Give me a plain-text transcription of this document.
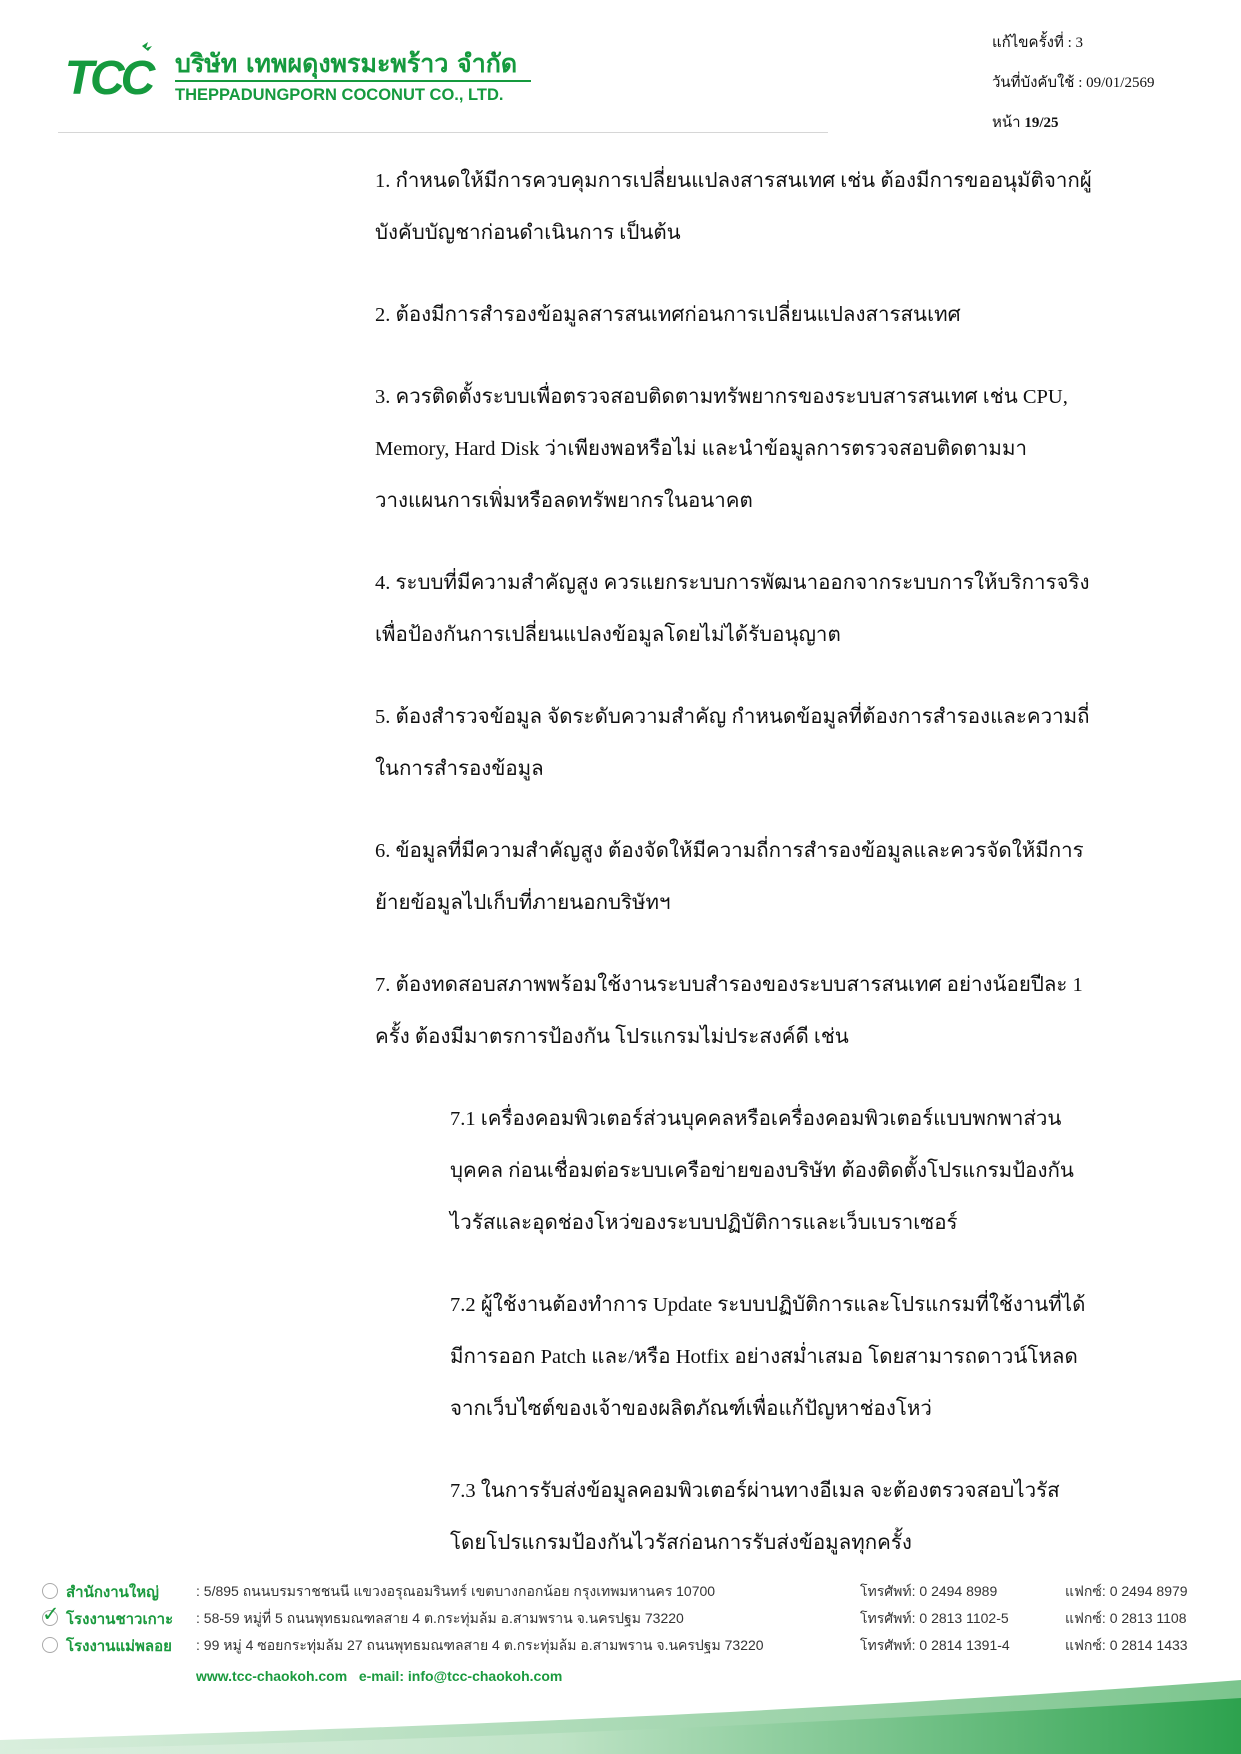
TCC บริษัท เทพผดุงพรมะพร้าว จำกัด
THEPPADUNGPORN COCONUT CO., LTD.
แก้ไขครั้งที่ : 3
วันที่บังคับใช้ : 09/01/2569
หน้า 19/25

1. กำหนดให้มีการควบคุมการเปลี่ยนแปลงสารสนเทศ เช่น ต้องมีการขออนุมัติจากผู้บังคับบัญชาก่อนดำเนินการ เป็นต้น

2. ต้องมีการสำรองข้อมูลสารสนเทศก่อนการเปลี่ยนแปลงสารสนเทศ

3. ควรติดตั้งระบบเพื่อตรวจสอบติดตามทรัพยากรของระบบสารสนเทศ เช่น CPU, Memory, Hard Disk ว่าเพียงพอหรือไม่ และนำข้อมูลการตรวจสอบติดตามมาวางแผนการเพิ่มหรือลดทรัพยากรในอนาคต

4. ระบบที่มีความสำคัญสูง ควรแยกระบบการพัฒนาออกจากระบบการให้บริการจริง เพื่อป้องกันการเปลี่ยนแปลงข้อมูลโดยไม่ได้รับอนุญาต

5. ต้องสำรวจข้อมูล จัดระดับความสำคัญ กำหนดข้อมูลที่ต้องการสำรองและความถี่ในการสำรองข้อมูล

6. ข้อมูลที่มีความสำคัญสูง ต้องจัดให้มีความถี่การสำรองข้อมูลและควรจัดให้มีการย้ายข้อมูลไปเก็บที่ภายนอกบริษัทฯ

7. ต้องทดสอบสภาพพร้อมใช้งานระบบสำรองของระบบสารสนเทศ อย่างน้อยปีละ 1 ครั้ง ต้องมีมาตรการป้องกัน โปรแกรมไม่ประสงค์ดี เช่น

7.1 เครื่องคอมพิวเตอร์ส่วนบุคคลหรือเครื่องคอมพิวเตอร์แบบพกพาส่วนบุคคล ก่อนเชื่อมต่อระบบเครือข่ายของบริษัท ต้องติดตั้งโปรแกรมป้องกันไวรัสและอุดช่องโหว่ของระบบปฏิบัติการและเว็บเบราเซอร์

7.2 ผู้ใช้งานต้องทำการ Update ระบบปฏิบัติการและโปรแกรมที่ใช้งานที่ได้มีการออก Patch และ/หรือ Hotfix อย่างสม่ำเสมอ โดยสามารถดาวน์โหลดจากเว็บไซต์ของเจ้าของผลิตภัณฑ์เพื่อแก้ปัญหาช่องโหว่

7.3 ในการรับส่งข้อมูลคอมพิวเตอร์ผ่านทางอีเมล จะต้องตรวจสอบไวรัสโดยโปรแกรมป้องกันไวรัสก่อนการรับส่งข้อมูลทุกครั้ง

สำนักงานใหญ่	: 5/895 ถนนบรมราชชนนี แขวงอรุณอมรินทร์ เขตบางกอกน้อย กรุงเทพมหานคร 10700	โทรศัพท์: 0 2494 8989	แฟกซ์: 0 2494 8979
✓ โรงงานชาวเกาะ : 58-59 หมู่ที่ 5 ถนนพุทธมณฑลสาย 4 ต.กระทุ่มล้ม อ.สามพราน จ.นครปฐม 73220	โทรศัพท์: 0 2813 1102-5	แฟกซ์: 0 2813 1108
โรงงานแม่พลอย : 99 หมู่ 4 ซอยกระทุ่มล้ม 27 ถนนพุทธมณฑลสาย 4 ต.กระทุ่มล้ม อ.สามพราน จ.นครปฐม 73220	โทรศัพท์: 0 2814 1391-4	แฟกซ์: 0 2814 1433
www.tcc-chaokoh.com e-mail: info@tcc-chaokoh.com
